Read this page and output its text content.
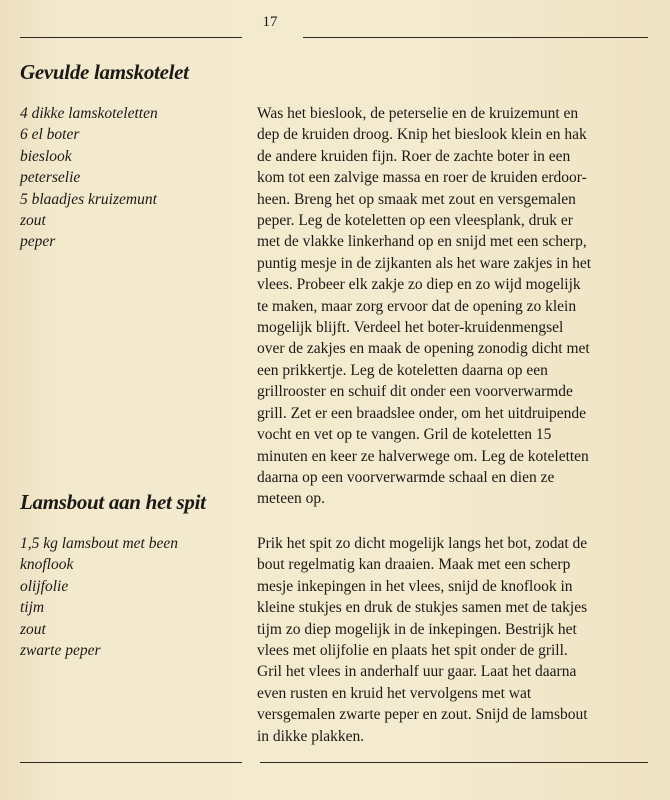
17
Gevulde lamskotelet
4 dikke lamskoteletten
6 el boter
bieslook
peterselie
5 blaadjes kruizemunt
zout
peper

Was het bieslook, de peterselie en de kruizemunt en
dep de kruiden droog. Knip het bieslook klein en hak
de andere kruiden fijn. Roer de zachte boter in een
kom tot een zalvige massa en roer de kruiden erdoor-
heen. Breng het op smaak met zout en versgemalen
peper. Leg de koteletten op een vleesplank, druk er
met de vlakke linkerhand op en snijd met een scherp,
puntig mesje in de zijkanten als het ware zakjes in het
vlees. Probeer elk zakje zo diep en zo wijd mogelijk
te maken, maar zorg ervoor dat de opening zo klein
mogelijk blijft. Verdeel het boter-kruidenmengsel
over de zakjes en maak de opening zonodig dicht met
een prikkertje. Leg de koteletten daarna op een
grillrooster en schuif dit onder een voorverwarmde
grill. Zet er een braadslee onder, om het uitdruipende
vocht en vet op te vangen. Gril de koteletten 15
minuten en keer ze halverwege om. Leg de koteletten
daarna op een voorverwarmde schaal en dien ze
meteen op.

Lamsbout aan het spit
1,5 kg lamsbout met been
knoflook
olijfolie
tijm
zout
zwarte peper

Prik het spit zo dicht mogelijk langs het bot, zodat de
bout regelmatig kan draaien. Maak met een scherp
mesje inkepingen in het vlees, snijd de knoflook in
kleine stukjes en druk de stukjes samen met de takjes
tijm zo diep mogelijk in de inkepingen. Bestrijk het
vlees met olijfolie en plaats het spit onder de grill.
Gril het vlees in anderhalf uur gaar. Laat het daarna
even rusten en kruid het vervolgens met wat
versgemalen zwarte peper en zout. Snijd de lamsbout
in dikke plakken.
